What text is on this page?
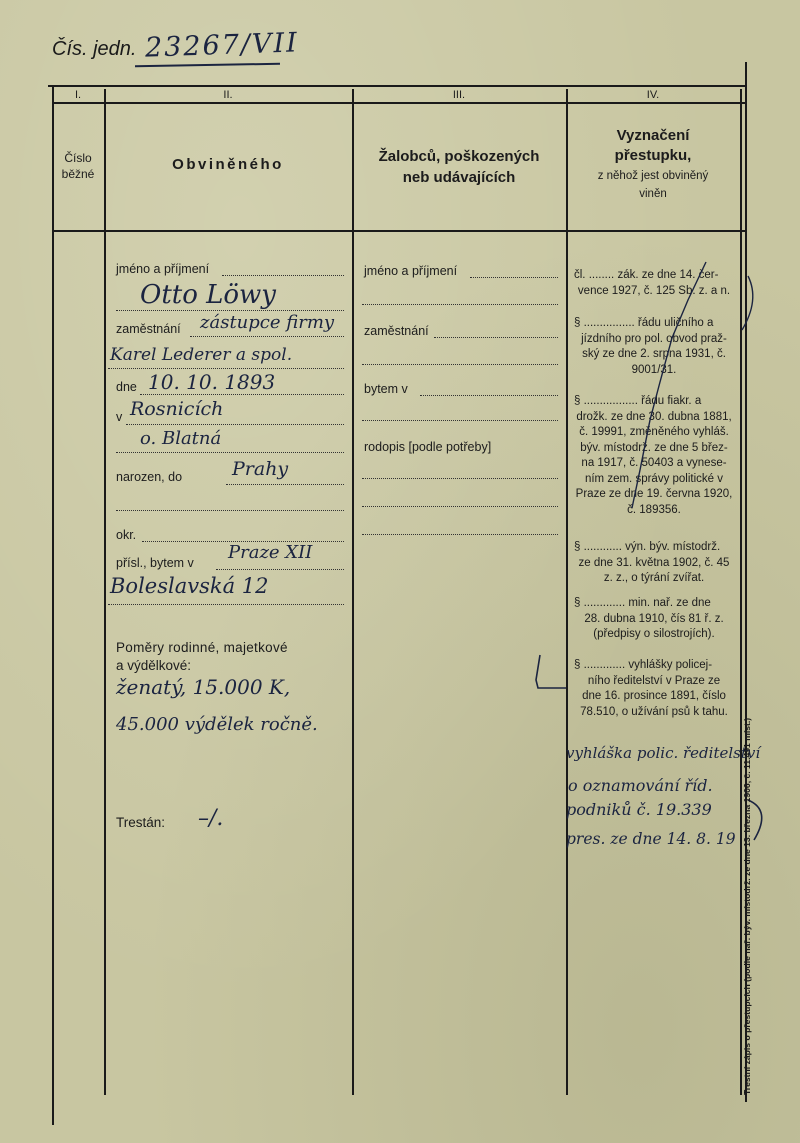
Čís. jedn. 23267/VII
I.	II.	III.	IV.
Číslo
běžné
Obviněného	Žalobců, poškozených
neb udávajících
Vyznačení
přestupku,
z něhož jest obviněný
viněn
jméno a příjmení
Otto Löwy
zaměstnání zástupce firmy
Karel Lederer a spol.
dne 10. 10. 1893
v Rosnicích
o. Blatná
narozen, do	Prahy
okr.
přísl., bytem v Praze XII
Boleslavská 12
Poměry rodinné, majetkové
a výdělkové:
ženatý, 15.000 K,
45.000 výdělek ročně.
Trestán: –/.
jméno a příjmení
zaměstnání
bytem v
rodopis [podle potřeby]
čl. ........ zák. ze dne 14. čer-
vence 1927, č. 125 Sb. z. a n.
§ ................ řádu uličního a
jízdního pro pol. obvod praž-
ský ze dne 2. srpna 1931, č.
9001/31.
§ ................. řádu fiakr. a
drožk. ze dne 30. dubna 1881,
č. 19991, změněného vyhláš.
býv. místodrž. ze dne 5 břez-
na 1917, č. 50403 a vynese-
ním zem. správy politické v
Praze ze dne 19. června 1920,
č. 189356.
§ ............ výn. býv. místodrž.
ze dne 31. května 1902, č. 45
z. z., o týrání zvířat.
§ ............. min. nař. ze dne
28. dubna 1910, čís 81 ř. z.
(předpisy o silostrojích).
§ ............. vyhlášky policej-
ního ředitelství v Praze ze
dne 16. prosince 1891, číslo
78.510, o užívání psů k tahu.
vyhláška polic. ředitelství
o oznamování říd.
podniků č. 19.339
pres. ze dne 14. 8. 19 Trestní zápis o přestupcích (podle nař. býv. místodrž. ze dne 13. března 1906, č. 11.491 míst.)
